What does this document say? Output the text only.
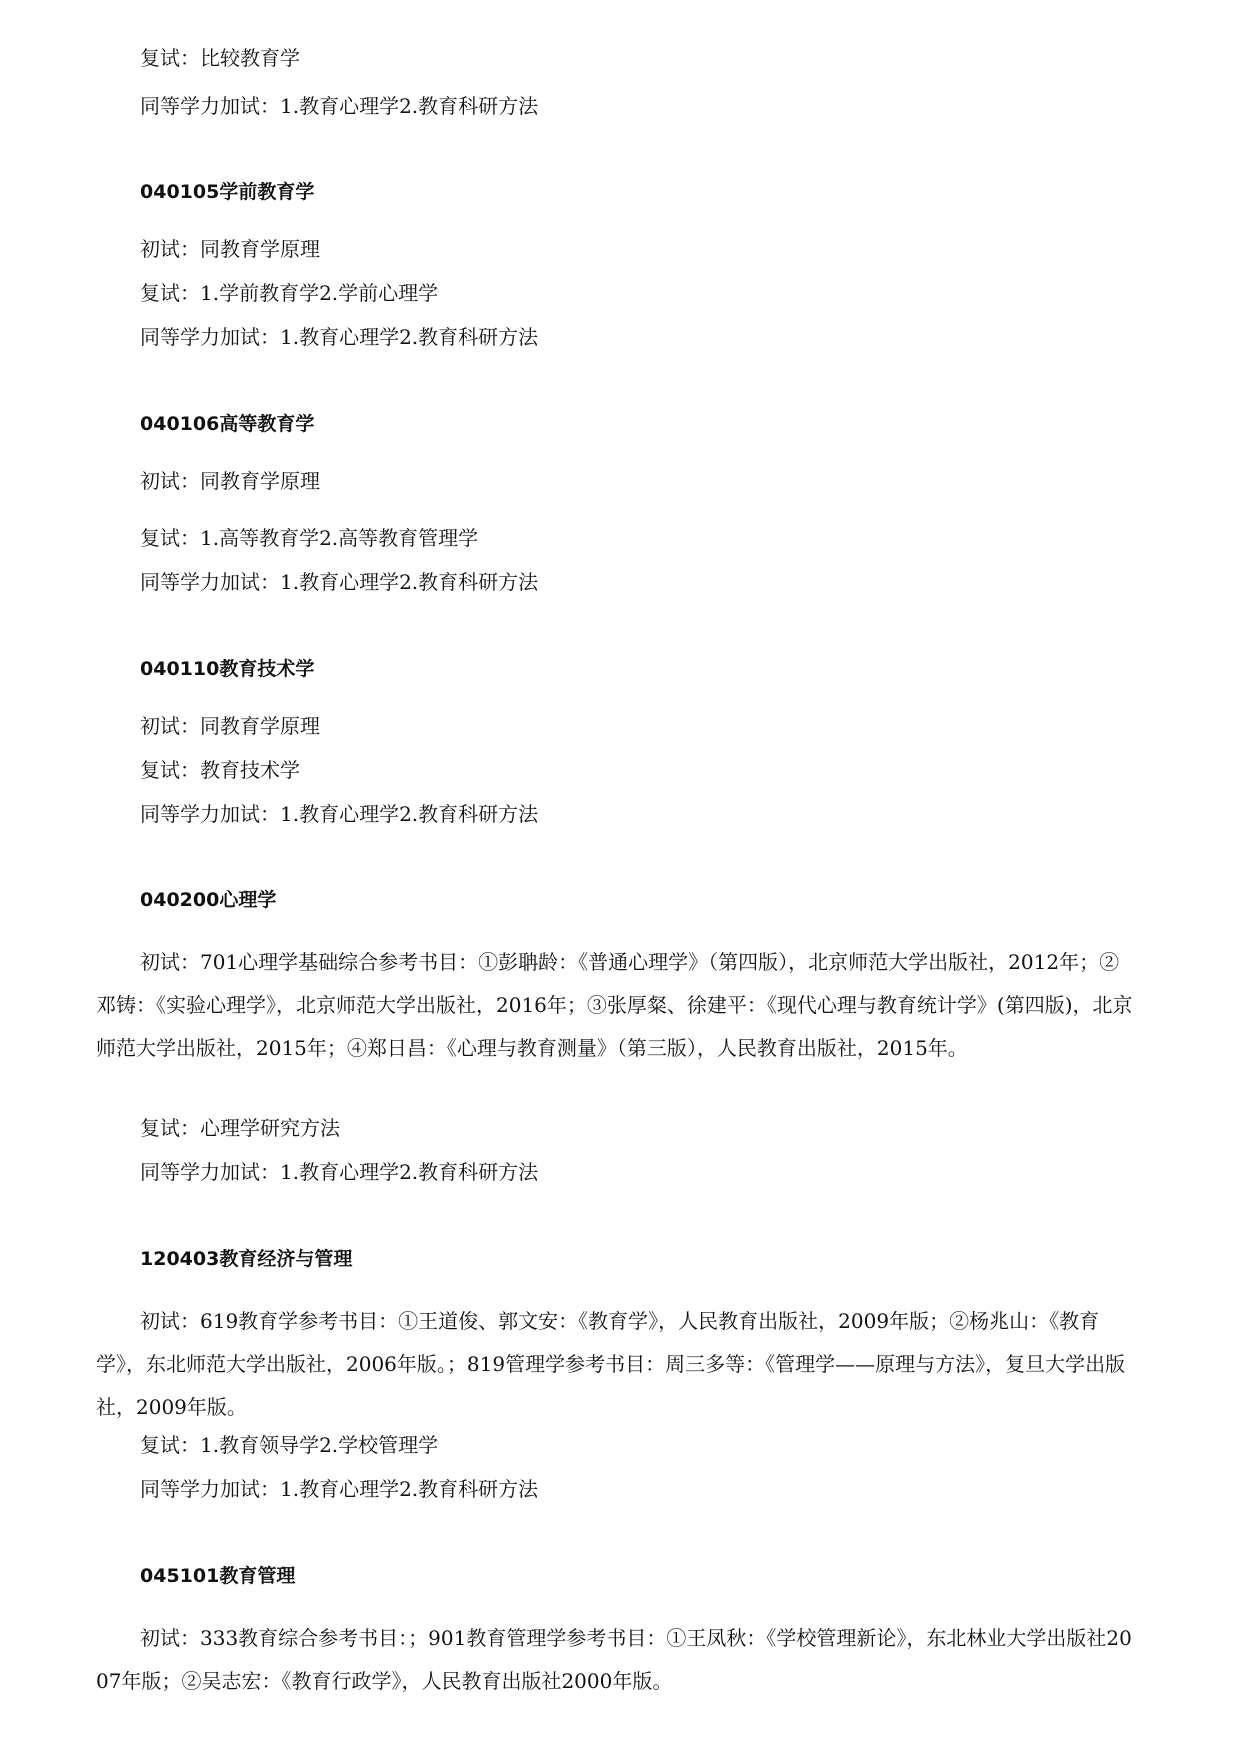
复试：比较教育学
同等学力加试：1.教育心理学2.教育科研方法
040105学前教育学
初试：同教育学原理
复试：1.学前教育学2.学前心理学
同等学力加试：1.教育心理学2.教育科研方法
040106高等教育学
初试：同教育学原理
复试：1.高等教育学2.高等教育管理学
同等学力加试：1.教育心理学2.教育科研方法
040110教育技术学
初试：同教育学原理
复试：教育技术学
同等学力加试：1.教育心理学2.教育科研方法
040200心理学
初试：701心理学基础综合参考书目：①彭聃龄：《普通心理学》（第四版），北京师范大学出版社，2012年；②邓铸：《实验心理学》，北京师范大学出版社，2016年；③张厚粲、徐建平：《现代心理与教育统计学》(第四版)，北京师范大学出版社，2015年；④郑日昌：《心理与教育测量》（第三版），人民教育出版社，2015年。
复试：心理学研究方法
同等学力加试：1.教育心理学2.教育科研方法
120403教育经济与管理
初试：619教育学参考书目：①王道俊、郭文安：《教育学》，人民教育出版社，2009年版；②杨兆山：《教育学》，东北师范大学出版社，2006年版。；819管理学参考书目：周三多等：《管理学——原理与方法》，复旦大学出版社，2009年版。
复试：1.教育领导学2.学校管理学
同等学力加试：1.教育心理学2.教育科研方法
045101教育管理
初试：333教育综合参考书目：；901教育管理学参考书目：①王凤秋：《学校管理新论》，东北林业大学出版社2007年版；②吴志宏：《教育行政学》，人民教育出版社2000年版。
